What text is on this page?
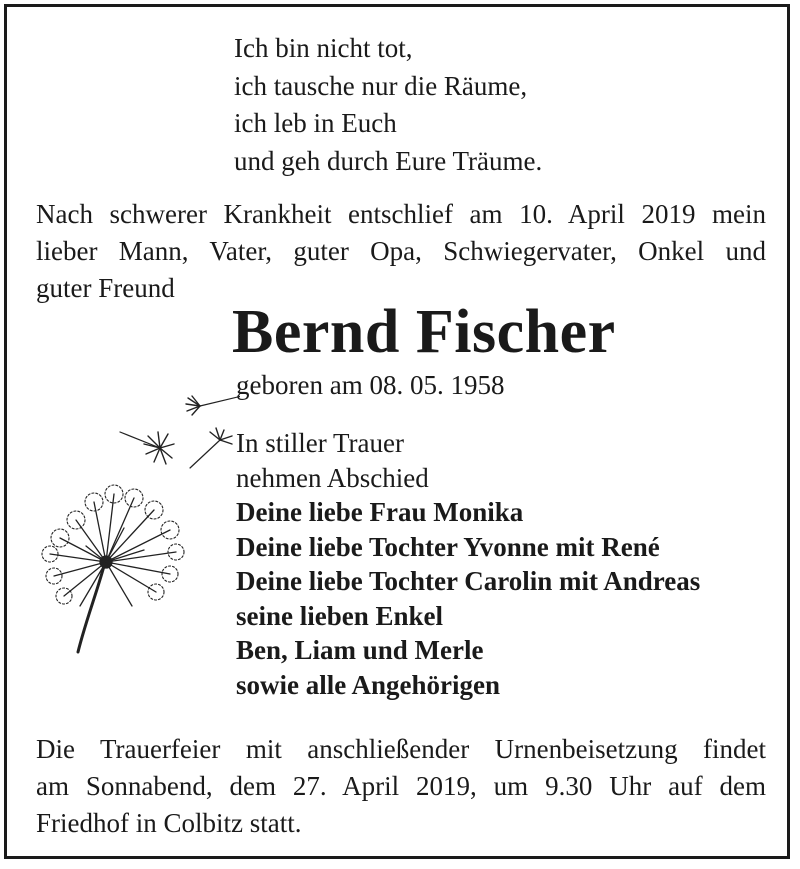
Ich bin nicht tot,
ich tausche nur die Räume,
ich leb in Euch
und geh durch Eure Träume.
Nach schwerer Krankheit entschlief am 10. April 2019 mein
lieber Mann, Vater, guter Opa, Schwiegervater, Onkel und
guter Freund
Bernd Fischer
geboren am 08. 05. 1958
In stiller Trauer
nehmen Abschied
Deine liebe Frau Monika
Deine liebe Tochter Yvonne mit René
Deine liebe Tochter Carolin mit Andreas
seine lieben Enkel
Ben, Liam und Merle
sowie alle Angehörigen
Die Trauerfeier mit anschließender Urnenbeisetzung findet
am Sonnabend, dem 27. April 2019, um 9.30 Uhr auf dem
Friedhof in Colbitz statt.
